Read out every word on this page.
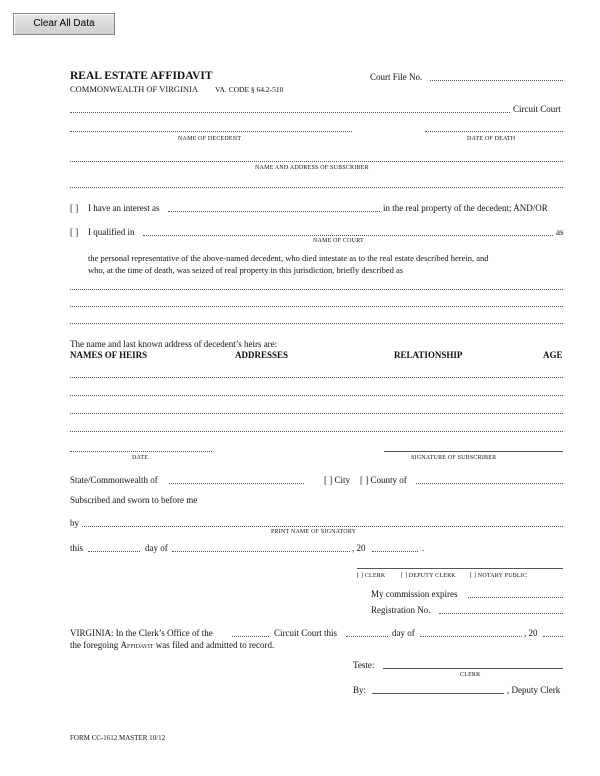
Clear All Data
REAL ESTATE AFFIDAVIT
COMMONWEALTH OF VIRGINIA VA. CODE § 64.2-510
Court File No.
Circuit Court
NAME OF DECEDENT	DATE OF DEATH
NAME AND ADDRESS OF SUBSCRIBER
[ ] I have an interest as	in the real property of the decedent; AND/OR
[ ] I qualified in	as
NAME OF COURT
the personal representative of the above-named decedent, who died intestate as to the real estate described herein, and
who, at the time of death, was seized of real property in this jurisdiction, briefly described as
The name and last known address of decedent’s heirs are:
NAMES OF HEIRS	ADDRESSES	RELATIONSHIP	AGE
DATE	SIGNATURE OF SUBSCRIBER
State/Commonwealth of	[ ] City [ ] County of
Subscribed and sworn to before me
by
PRINT NAME OF SIGNATORY
this	day of	, 20	.
[ ] CLERK	[ ] DEPUTY CLERK [ ] NOTARY PUBLIC
My commission expires
Registration No.
VIRGINIA: In the Clerk’s Office of the	Circuit Court this	day of	, 20
the foregoing Affidavit was filed and admitted to record.
Teste:
CLERK
By:	, Deputy Clerk
FORM CC-1612 MASTER 10/12
